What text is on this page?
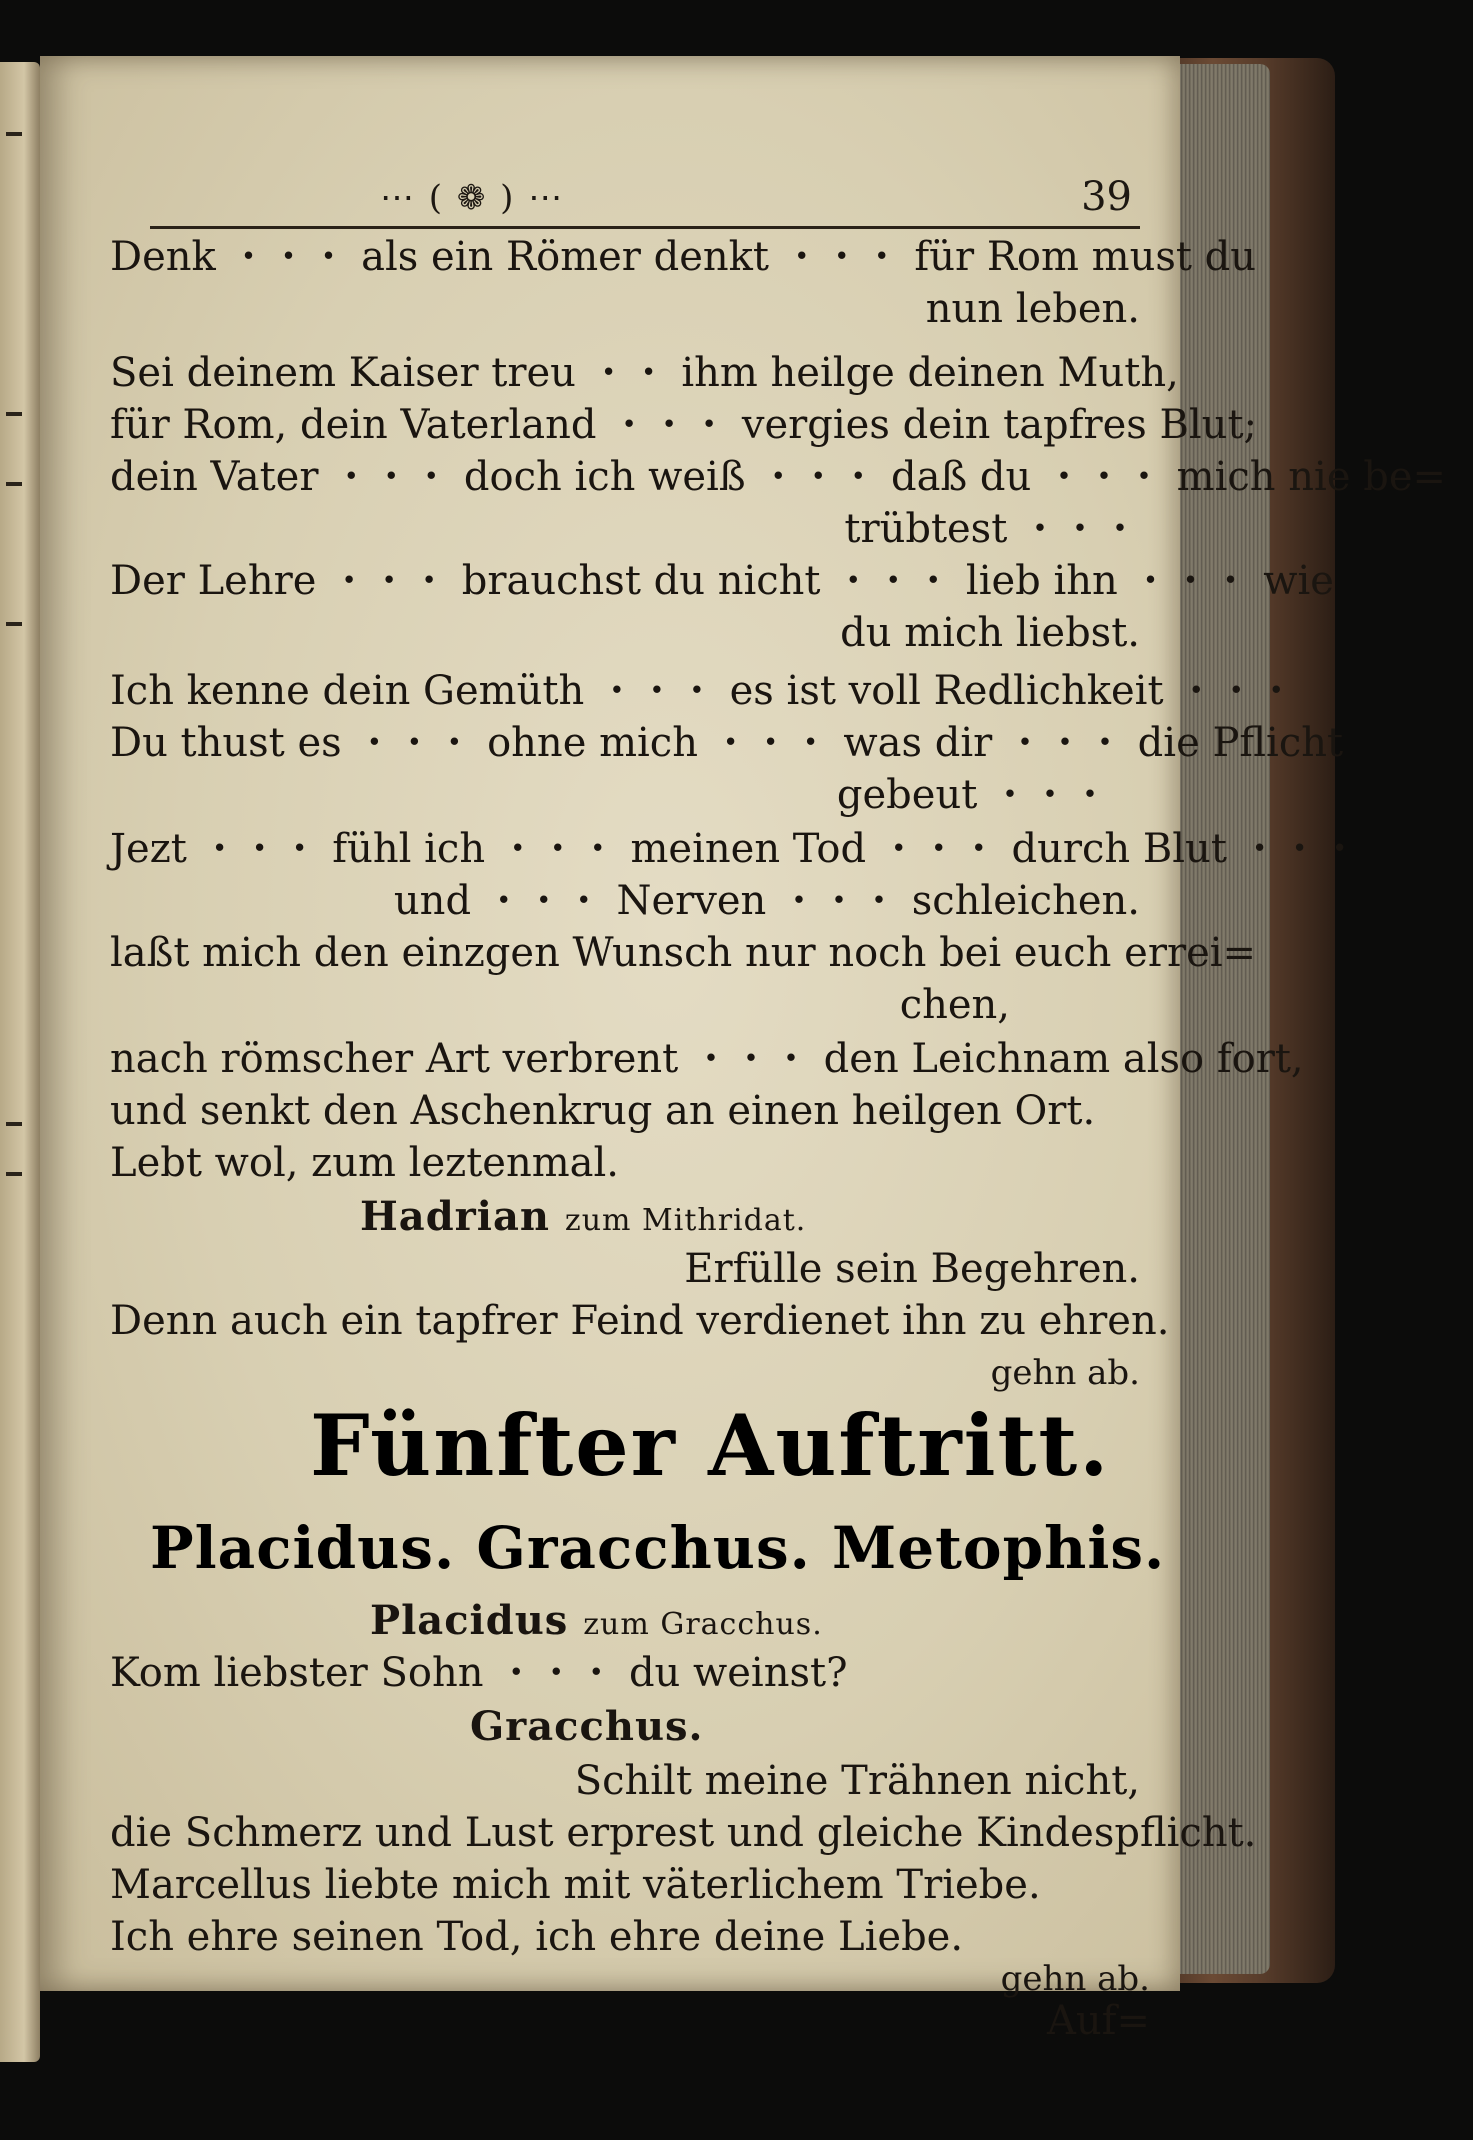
⋯ ( ❁ ) ⋯	39
Denk ・・・ als ein Römer denkt ・・・ für Rom must du
nun leben.
Sei deinem Kaiser treu ・・ ihm heilge deinen Muth,
für Rom, dein Vaterland ・・・ vergies dein tapfres Blut;
dein Vater ・・・ doch ich weiß ・・・ daß du ・・・ mich nie be=
trübtest ・・・
Der Lehre ・・・ brauchst du nicht ・・・ lieb ihn ・・・ wie
du mich liebst.
Ich kenne dein Gemüth ・・・ es ist voll Redlichkeit ・・・
Du thust es ・・・ ohne mich ・・・ was dir ・・・ die Pflicht
gebeut ・・・
Jezt ・・・ fühl ich ・・・ meinen Tod ・・・ durch Blut ・・・
und ・・・ Nerven ・・・ schleichen.
laßt mich den einzgen Wunsch nur noch bei euch errei=
chen,
nach römscher Art verbrent ・・・ den Leichnam also fort,
und senkt den Aschenkrug an einen heilgen Ort.
Lebt wol, zum leztenmal.
Hadrian zum Mithridat.
Erfülle sein Begehren.
Denn auch ein tapfrer Feind verdienet ihn zu ehren.
gehn ab.
Fünfter Auftritt.
Placidus. Gracchus. Metophis.
Placidus zum Gracchus.
Kom liebster Sohn ・・・ du weinst?
Gracchus.
Schilt meine Trähnen nicht,
die Schmerz und Lust erprest und gleiche Kindespflicht.
Marcellus liebte mich mit väterlichem Triebe.
Ich ehre seinen Tod, ich ehre deine Liebe.
gehn ab.
Auf=
